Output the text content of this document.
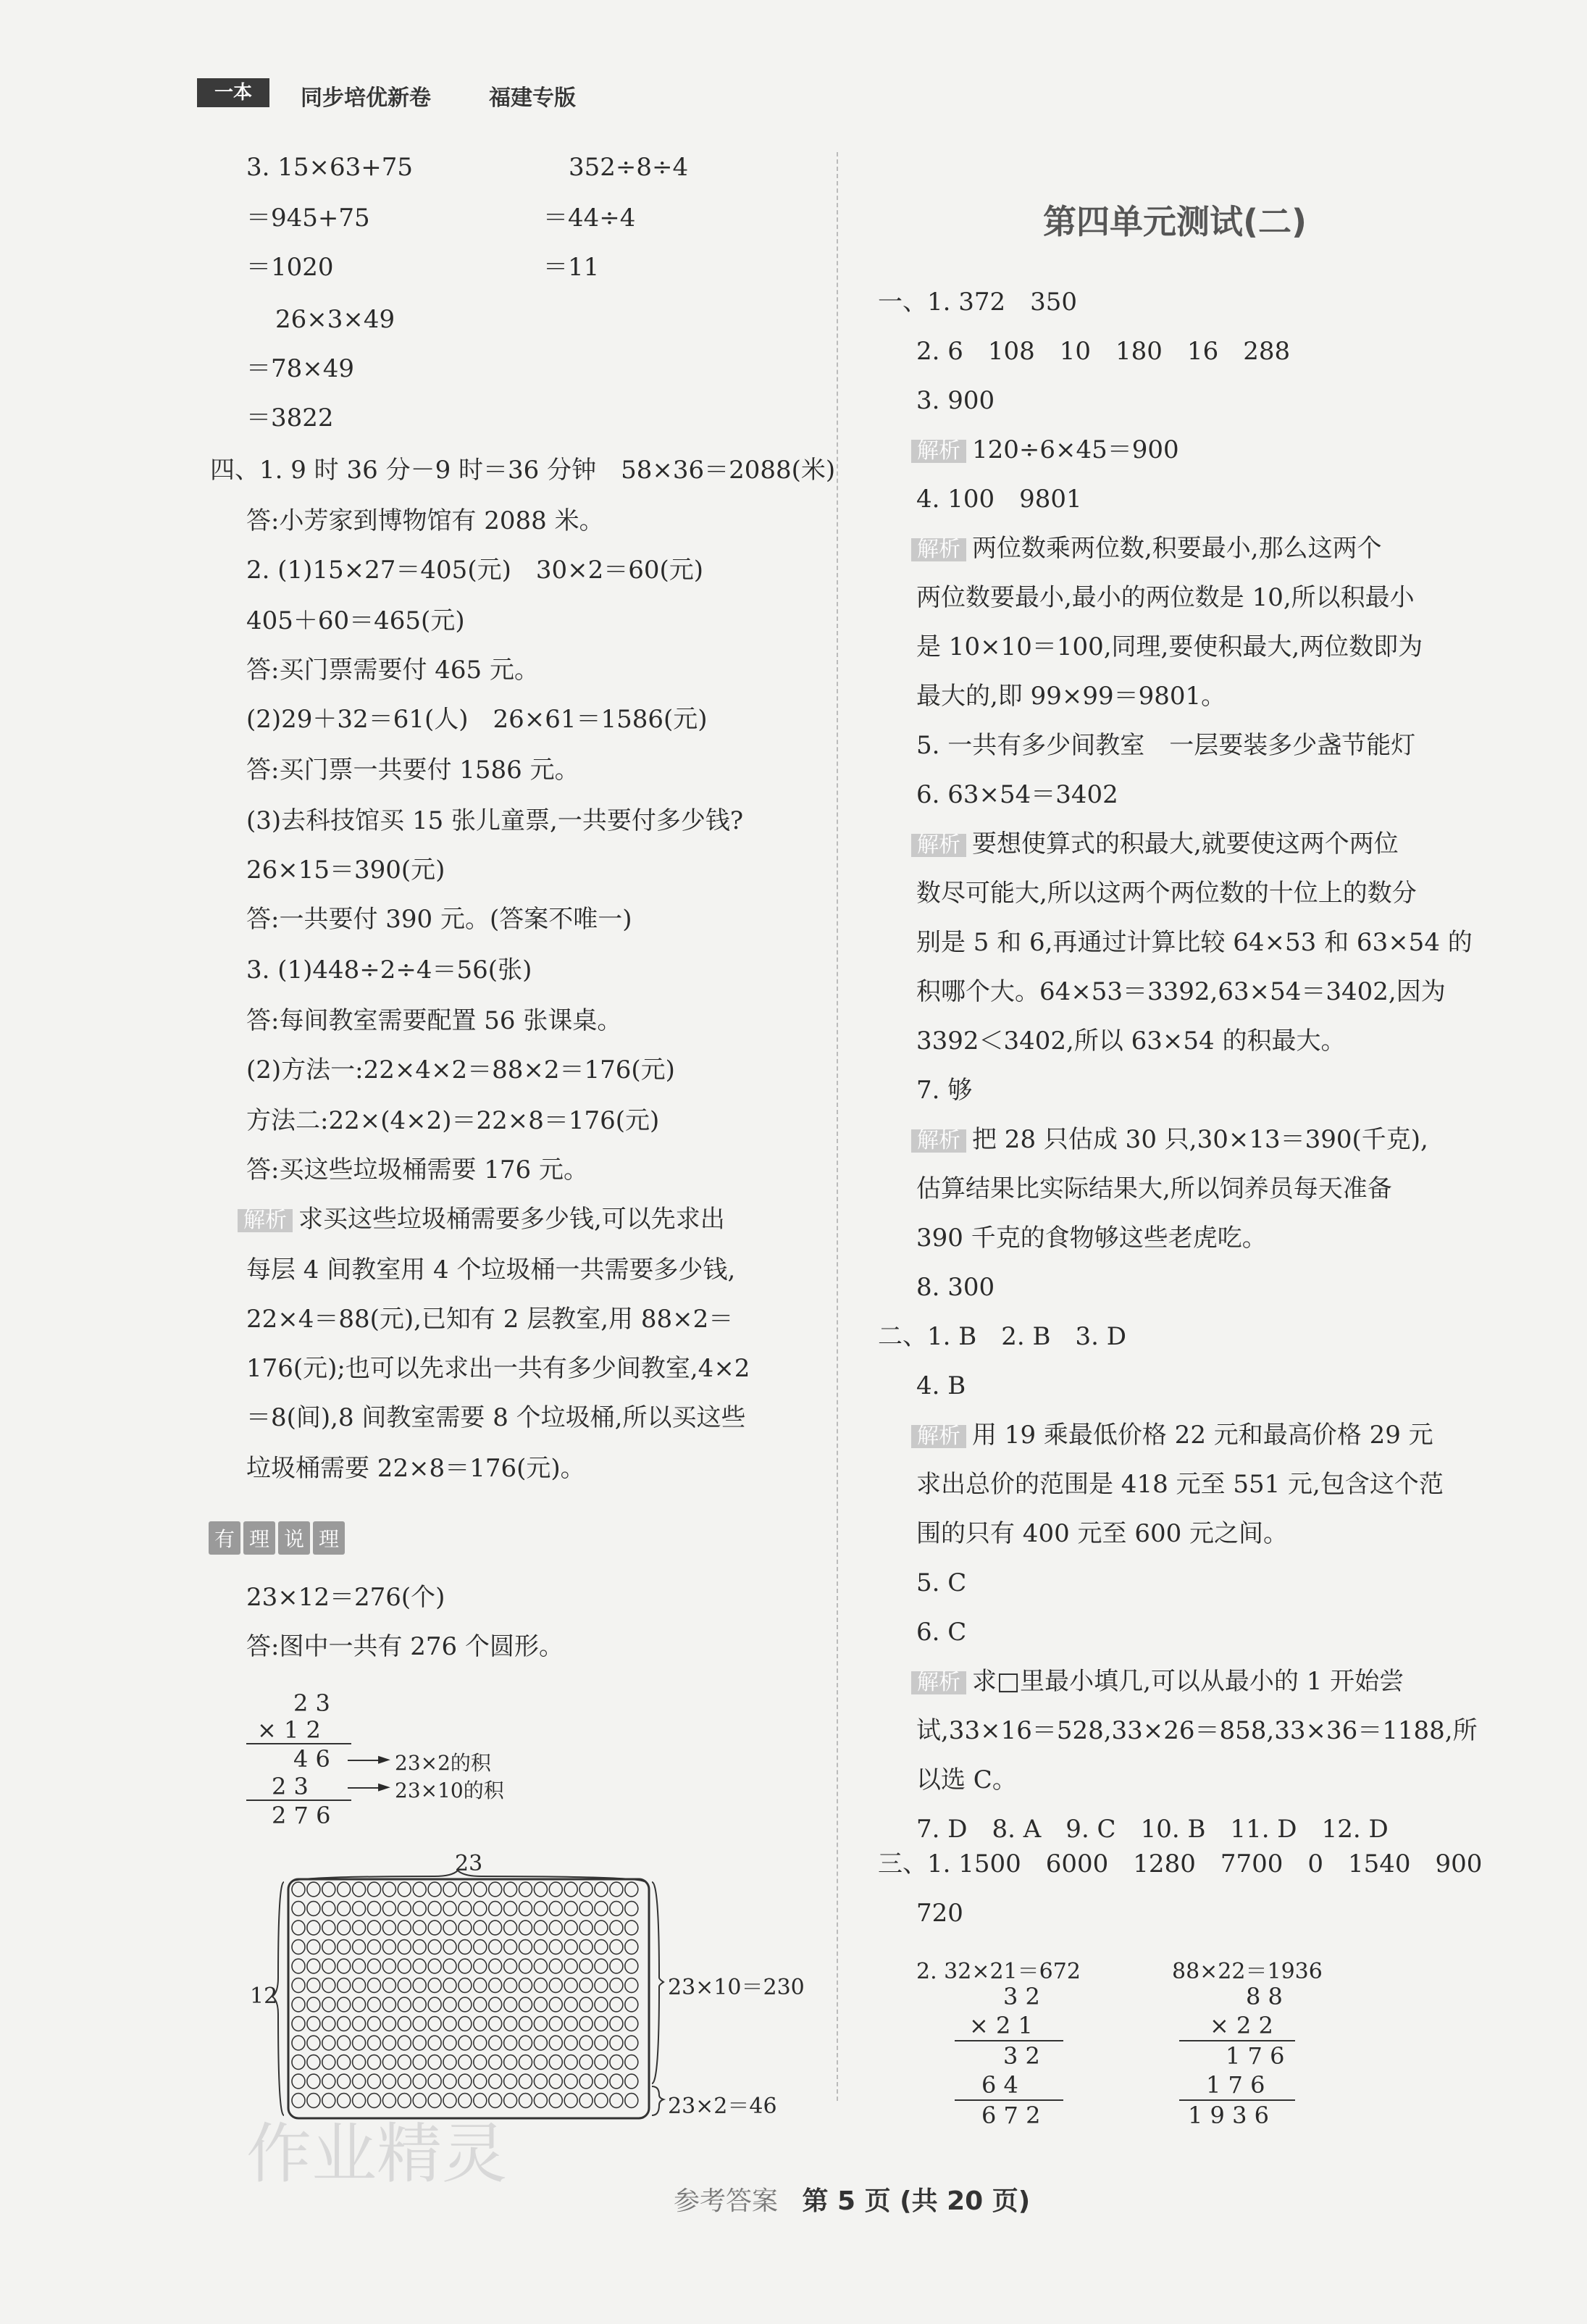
一本	同步培优新卷	福建专版
3. 15×63+75
＝945+75
＝1020
352÷8÷4
＝44÷4
＝11
26×3×49
＝78×49
＝3822
四、1. 9 时 36 分－9 时＝36 分钟　58×36＝2088(米)
答:小芳家到博物馆有 2088 米。
2. (1)15×27＝405(元)　30×2＝60(元)
405＋60＝465(元)
答:买门票需要付 465 元。
(2)29＋32＝61(人)　26×61＝1586(元)
答:买门票一共要付 1586 元。
(3)去科技馆买 15 张儿童票,一共要付多少钱?
26×15＝390(元)
答:一共要付 390 元。(答案不唯一)
3. (1)448÷2÷4＝56(张)
答:每间教室需要配置 56 张课桌。
(2)方法一:22×4×2＝88×2＝176(元)
方法二:22×(4×2)＝22×8＝176(元)
答:买这些垃圾桶需要 176 元。
解析 求买这些垃圾桶需要多少钱,可以先求出
每层 4 间教室用 4 个垃圾桶一共需要多少钱,
22×4＝88(元),已知有 2 层教室,用 88×2＝
176(元);也可以先求出一共有多少间教室,4×2
＝8(间),8 间教室需要 8 个垃圾桶,所以买这些
垃圾桶需要 22×8＝176(元)。
有 理 说 理
23×12＝276(个)
答:图中一共有 276 个圆形。
2 3
× 1 2
4 6
2 3
2 7 6
► 23×2的积
► 23×10的积
23
12	23×10＝230
23×2＝46
第四单元测试(二)
一、1. 372　350
2. 6　108　10　180　16　288
3. 900
解析 120÷6×45＝900
4. 100　9801
解析 两位数乘两位数,积要最小,那么这两个
两位数要最小,最小的两位数是 10,所以积最小
是 10×10＝100,同理,要使积最大,两位数即为
最大的,即 99×99＝9801。
5. 一共有多少间教室　一层要装多少盏节能灯
6. 63×54＝3402
解析 要想使算式的积最大,就要使这两个两位
数尽可能大,所以这两个两位数的十位上的数分
别是 5 和 6,再通过计算比较 64×53 和 63×54 的
积哪个大。64×53＝3392,63×54＝3402,因为
3392＜3402,所以 63×54 的积最大。
7. 够
解析 把 28 只估成 30 只,30×13＝390(千克),
估算结果比实际结果大,所以饲养员每天准备
390 千克的食物够这些老虎吃。
8. 300
二、1. B　2. B　3. D
4. B
解析 用 19 乘最低价格 22 元和最高价格 29 元
求出总价的范围是 418 元至 551 元,包含这个范
围的只有 400 元至 600 元之间。
5. C
6. C
解析 求□里最小填几,可以从最小的 1 开始尝
试,33×16＝528,33×26＝858,33×36＝1188,所
以选 C。
7. D　8. A　9. C　10. B　11. D　12. D
三、1. 1500　6000　1280　7700　0　1540　900
720
2. 32×21＝672	88×22＝1936
3 2
× 2 1
3 2
6 4
6 7 2
8 8
× 2 2
1 7 6
1 7 6
1 9 3 6
作业精灵
参考答案 第 5 页 (共 20 页)
